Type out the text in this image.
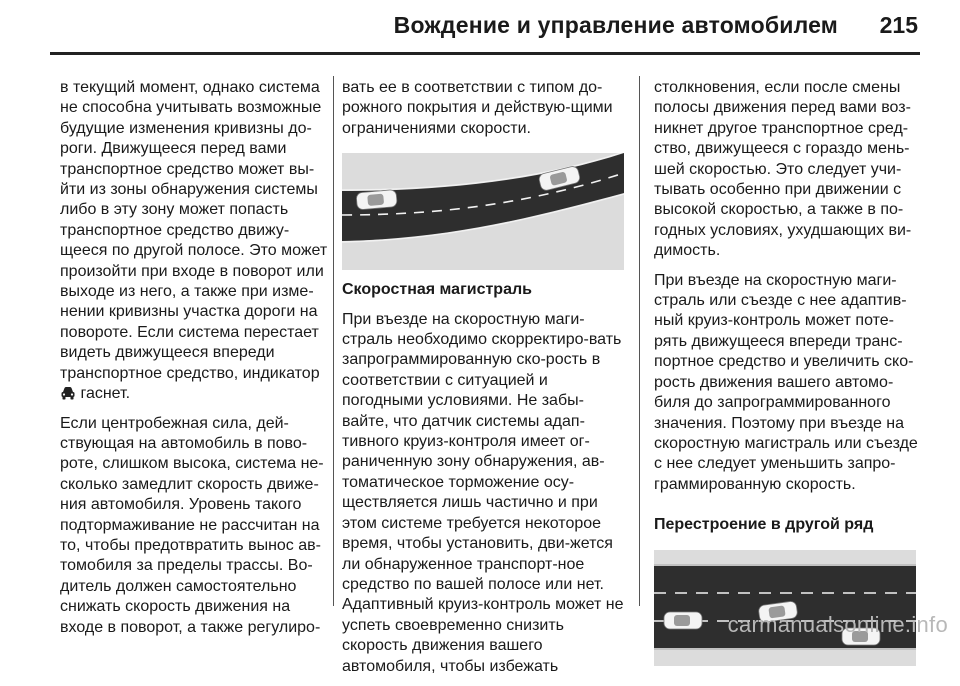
Вождение и управление автомобилем 215

в текущий момент, однако система не способна учитывать возможные будущие изменения кривизны до-роги. Движущееся перед вами транспортное средство может вы-йти из зоны обнаружения системы либо в эту зону может попасть транспортное средство движу-щееся по другой полосе. Это может произойти при входе в поворот или выходе из него, а также при изме-нении кривизны участка дороги на повороте. Если система перестает видеть движущееся впереди транспортное средство, индикатор  гаснет.

Если центробежная сила, дей-ствующая на автомобиль в пово-роте, слишком высока, система не-сколько замедлит скорость движе-ния автомобиля. Уровень такого подтормаживание не рассчитан на то, чтобы предотвратить вынос ав-томобиля за пределы трассы. Во-дитель должен самостоятельно снижать скорость движения на входе в поворот, а также регулиро-

вать ее в соответствии с типом до-рожного покрытия и действую-щими ограничениями скорости.

Скоростная магистраль

При въезде на скоростную маги-страль необходимо скорректиро-вать запрограммированную ско-рость в соответствии с ситуацией и погодными условиями. Не забы-вайте, что датчик системы адап-тивного круиз-контроля имеет ог-раниченную зону обнаружения, ав-томатическое торможение осу-ществляется лишь частично и при этом системе требуется некоторое время, чтобы установить, дви-жется ли обнаруженное транспорт-ное средство по вашей полосе или нет. Адаптивный круиз-контроль может не успеть своевременно снизить скорость движения вашего автомобиля, чтобы избежать

столкновения, если после смены полосы движения перед вами воз-никнет другое транспортное сред-ство, движущееся с гораздо мень-шей скоростью. Это следует учи-тывать особенно при движении с высокой скоростью, а также в по-годных условиях, ухудшающих ви-димость.

При въезде на скоростную маги-страль или съезде с нее адаптив-ный круиз-контроль может поте-рять движущееся впереди транс-портное средство и увеличить ско-рость движения вашего автомо-биля до запрограммированного значения. Поэтому при въезде на скоростную магистраль или съезде с нее следует уменьшить запро-граммированную скорость.

Перестроение в другой ряд

carmanualsonline.info
